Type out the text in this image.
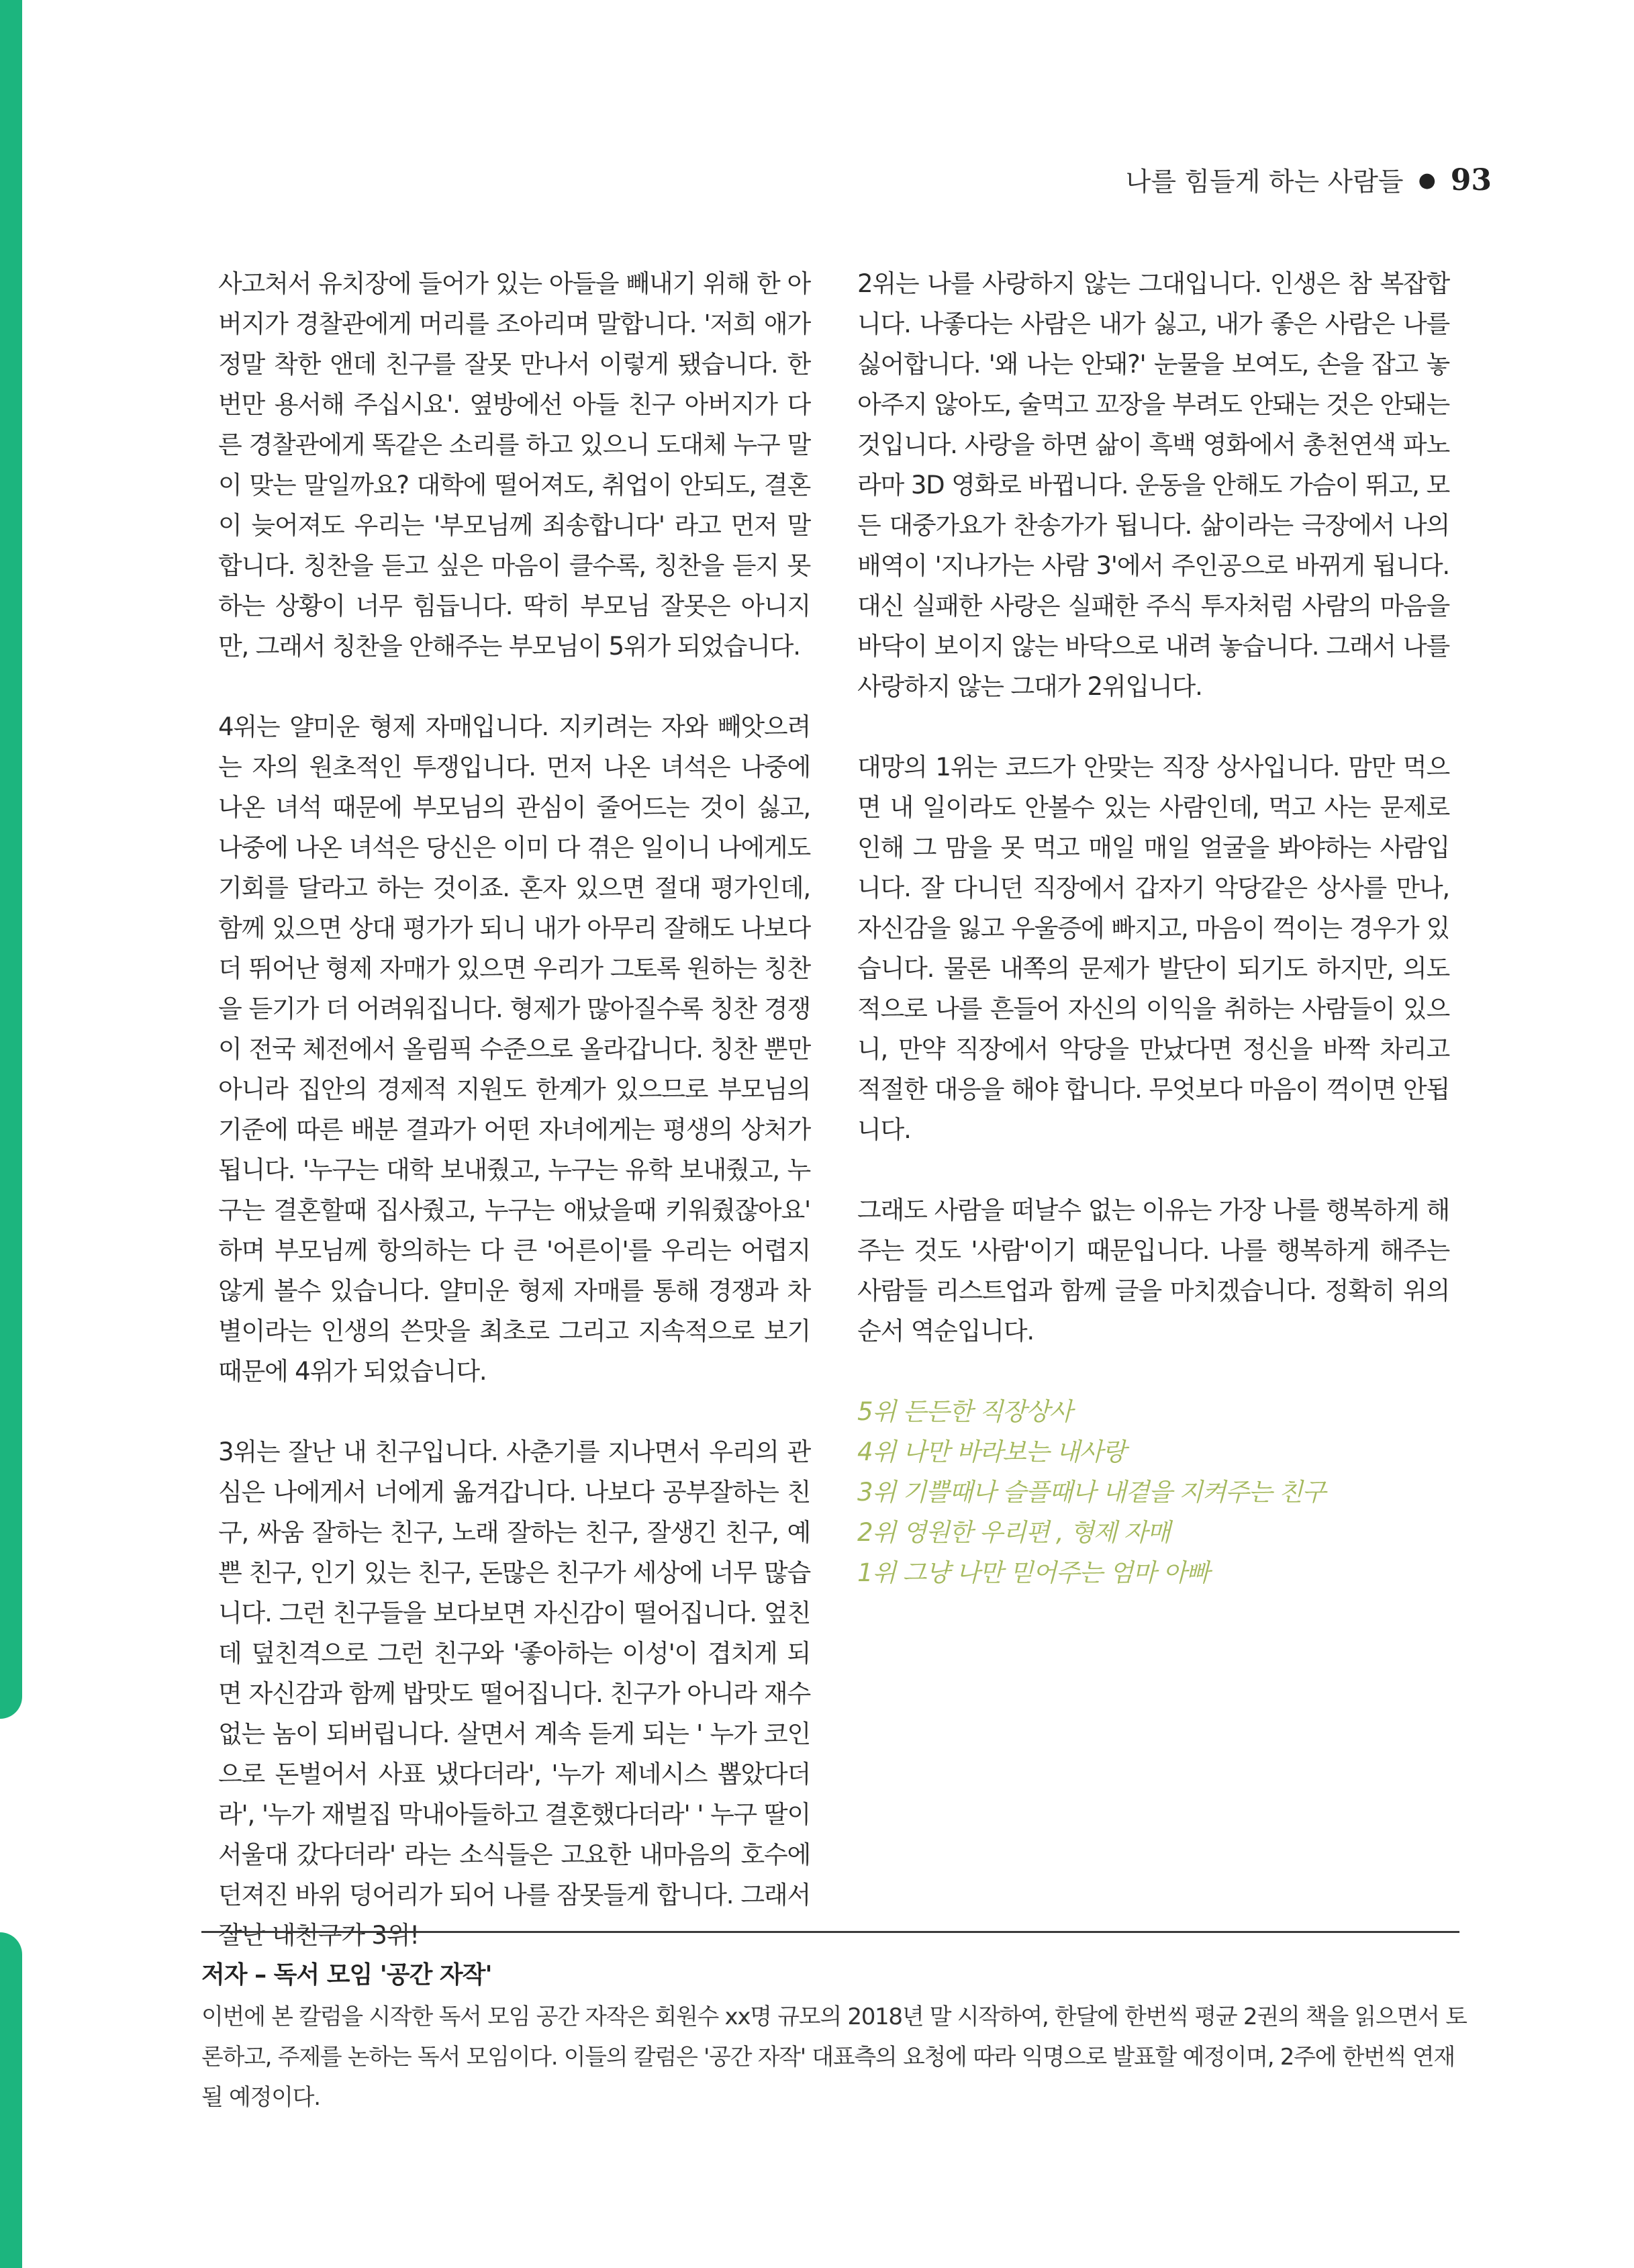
나를 힘들게 하는 사람들 ● 93

사고처서 유치장에 들어가 있는 아들을 빼내기 위해 한 아버지가 경찰관에게 머리를 조아리며 말합니다. '저희 애가 정말 착한 앤데 친구를 잘못 만나서 이렇게 됐습니다. 한번만 용서해 주십시요'. 옆방에선 아들 친구 아버지가 다른 경찰관에게 똑같은 소리를 하고 있으니 도대체 누구 말이 맞는 말일까요? 대학에 떨어져도, 취업이 안되도, 결혼이 늦어져도 우리는 '부모님께 죄송합니다' 라고 먼저 말합니다. 칭찬을 듣고 싶은 마음이 클수록, 칭찬을 듣지 못하는 상황이 너무 힘듭니다. 딱히 부모님 잘못은 아니지만, 그래서 칭찬을 안해주는 부모님이 5위가 되었습니다.

4위는 얄미운 형제 자매입니다. 지키려는 자와 빼앗으려는 자의 원초적인 투쟁입니다. 먼저 나온 녀석은 나중에 나온 녀석 때문에 부모님의 관심이 줄어드는 것이 싫고, 나중에 나온 녀석은 당신은 이미 다 겪은 일이니 나에게도 기회를 달라고 하는 것이죠. 혼자 있으면 절대 평가인데, 함께 있으면 상대 평가가 되니 내가 아무리 잘해도 나보다 더 뛰어난 형제 자매가 있으면 우리가 그토록 원하는 칭찬을 듣기가 더 어려워집니다. 형제가 많아질수록 칭찬 경쟁이 전국 체전에서 올림픽 수준으로 올라갑니다. 칭찬 뿐만 아니라 집안의 경제적 지원도 한계가 있으므로 부모님의 기준에 따른 배분 결과가 어떤 자녀에게는 평생의 상처가 됩니다. '누구는 대학 보내줬고, 누구는 유학 보내줬고, 누구는 결혼할때 집사줬고, 누구는 애났을때 키워줬잖아요' 하며 부모님께 항의하는 다 큰 '어른이'를 우리는 어렵지 않게 볼수 있습니다. 얄미운 형제 자매를 통해 경쟁과 차별이라는 인생의 쓴맛을 최초로 그리고 지속적으로 보기 때문에 4위가 되었습니다.

3위는 잘난 내 친구입니다. 사춘기를 지나면서 우리의 관심은 나에게서 너에게 옮겨갑니다. 나보다 공부잘하는 친구, 싸움 잘하는 친구, 노래 잘하는 친구, 잘생긴 친구, 예쁜 친구, 인기 있는 친구, 돈많은 친구가 세상에 너무 많습니다. 그런 친구들을 보다보면 자신감이 떨어집니다. 엎친데 덮친격으로 그런 친구와 '좋아하는 이성'이 겹치게 되면 자신감과 함께 밥맛도 떨어집니다. 친구가 아니라 재수없는 놈이 되버립니다. 살면서 계속 듣게 되는 ' 누가 코인으로 돈벌어서 사표 냈다더라', '누가 제네시스 뽑았다더라', '누가 재벌집 막내아들하고 결혼했다더라' ' 누구 딸이 서울대 갔다더라' 라는 소식들은 고요한 내마음의 호수에 던져진 바위 덩어리가 되어 나를 잠못들게 합니다. 그래서 잘난 내친구가 3위!

2위는 나를 사랑하지 않는 그대입니다. 인생은 참 복잡합니다. 나좋다는 사람은 내가 싫고, 내가 좋은 사람은 나를 싫어합니다. '왜 나는 안돼?' 눈물을 보여도, 손을 잡고 놓아주지 않아도, 술먹고 꼬장을 부려도 안돼는 것은 안돼는 것입니다. 사랑을 하면 삶이 흑백 영화에서 총천연색 파노라마 3D 영화로 바뀝니다. 운동을 안해도 가슴이 뛰고, 모든 대중가요가 찬송가가 됩니다. 삶이라는 극장에서 나의 배역이 '지나가는 사람 3'에서 주인공으로 바뀌게 됩니다. 대신 실패한 사랑은 실패한 주식 투자처럼 사람의 마음을 바닥이 보이지 않는 바닥으로 내려 놓습니다. 그래서 나를 사랑하지 않는 그대가 2위입니다.

대망의 1위는 코드가 안맞는 직장 상사입니다. 맘만 먹으면 내 일이라도 안볼수 있는 사람인데, 먹고 사는 문제로 인해 그 맘을 못 먹고 매일 매일 얼굴을 봐야하는 사람입니다. 잘 다니던 직장에서 갑자기 악당같은 상사를 만나, 자신감을 잃고 우울증에 빠지고, 마음이 꺽이는 경우가 있습니다. 물론 내쪽의 문제가 발단이 되기도 하지만, 의도적으로 나를 흔들어 자신의 이익을 취하는 사람들이 있으니, 만약 직장에서 악당을 만났다면 정신을 바짝 차리고 적절한 대응을 해야 합니다. 무엇보다 마음이 꺽이면 안됩니다.

그래도 사람을 떠날수 없는 이유는 가장 나를 행복하게 해주는 것도 '사람'이기 때문입니다. 나를 행복하게 해주는 사람들 리스트업과 함께 글을 마치겠습니다. 정확히 위의 순서 역순입니다.

5위 든든한 직장상사
4위 나만 바라보는 내사랑
3위 기쁠때나 슬플때나 내곁을 지켜주는 친구
2위 영원한 우리편 , 형제 자매
1위 그냥 나만 믿어주는 엄마 아빠
저자 – 독서 모임 '공간 자작'

이번에 본 칼럼을 시작한 독서 모임 공간 자작은 회원수 xx명 규모의 2018년 말 시작하여, 한달에 한번씩 평균 2권의 책을 읽으면서 토론하고, 주제를 논하는 독서 모임이다. 이들의 칼럼은 '공간 자작' 대표측의 요청에 따라 익명으로 발표할 예정이며, 2주에 한번씩 연재 될 예정이다.
